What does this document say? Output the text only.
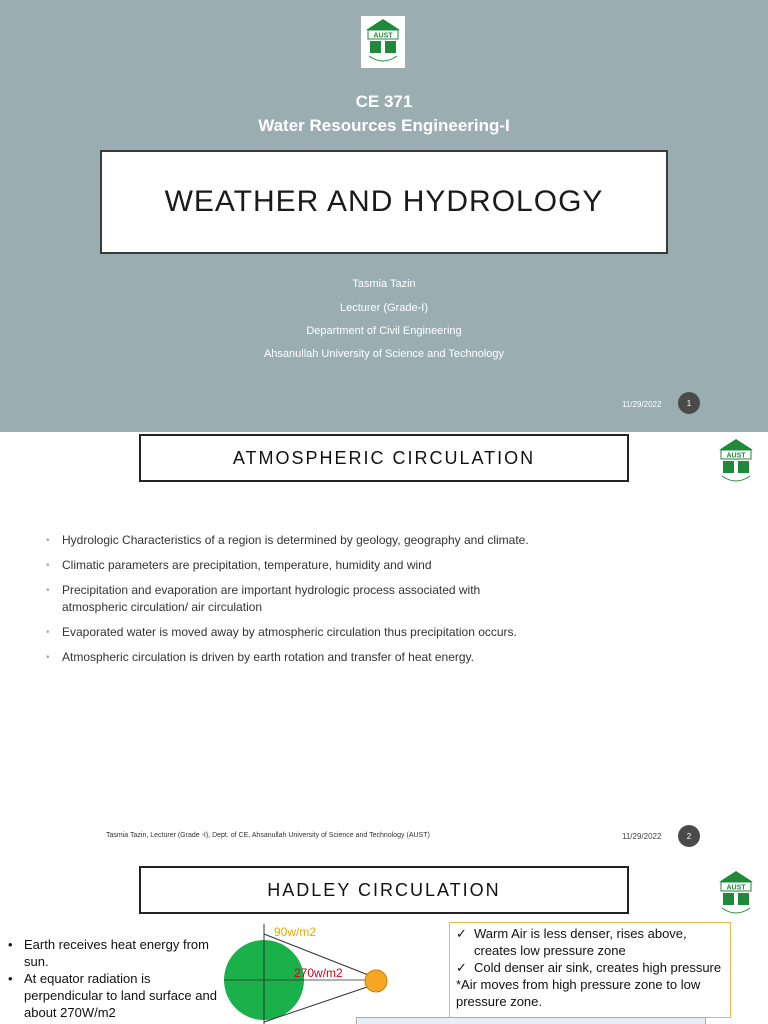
AUST
CE 371
Water Resources Engineering-I
WEATHER AND HYDROLOGY
Tasmia Tazin
Lecturer (Grade-I)
Department of Civil Engineering
Ahsanullah University of Science and Technology
11/29/2022	1
ATMOSPHERIC CIRCULATION	AUST
• Hydrologic Characteristics of a region is determined by geology, geography and climate.
• Climatic parameters are precipitation, temperature, humidity and wind
• Precipitation and evaporation are important hydrologic process associated with atmospheric circulation/ air circulation
• Evaporated water is moved away by atmospheric circulation thus precipitation occurs.
• Atmospheric circulation is driven by earth rotation and transfer of heat energy.
Tasmia Tazin, Lecturer (Grade -I), Dept. of CE, Ahsanullah University of Science and Technology (AUST)	11/29/2022	2
HADLEY CIRCULATION	AUST
• Earth receives heat energy from sun.
• At equator radiation is perpendicular to land surface and about 270W/m2
90w/m2
270w/m2
✓ Warm Air is less denser, rises above, creates low pressure zone
✓ Cold denser air sink, creates high pressure
*Air moves from high pressure zone to low pressure zone.
